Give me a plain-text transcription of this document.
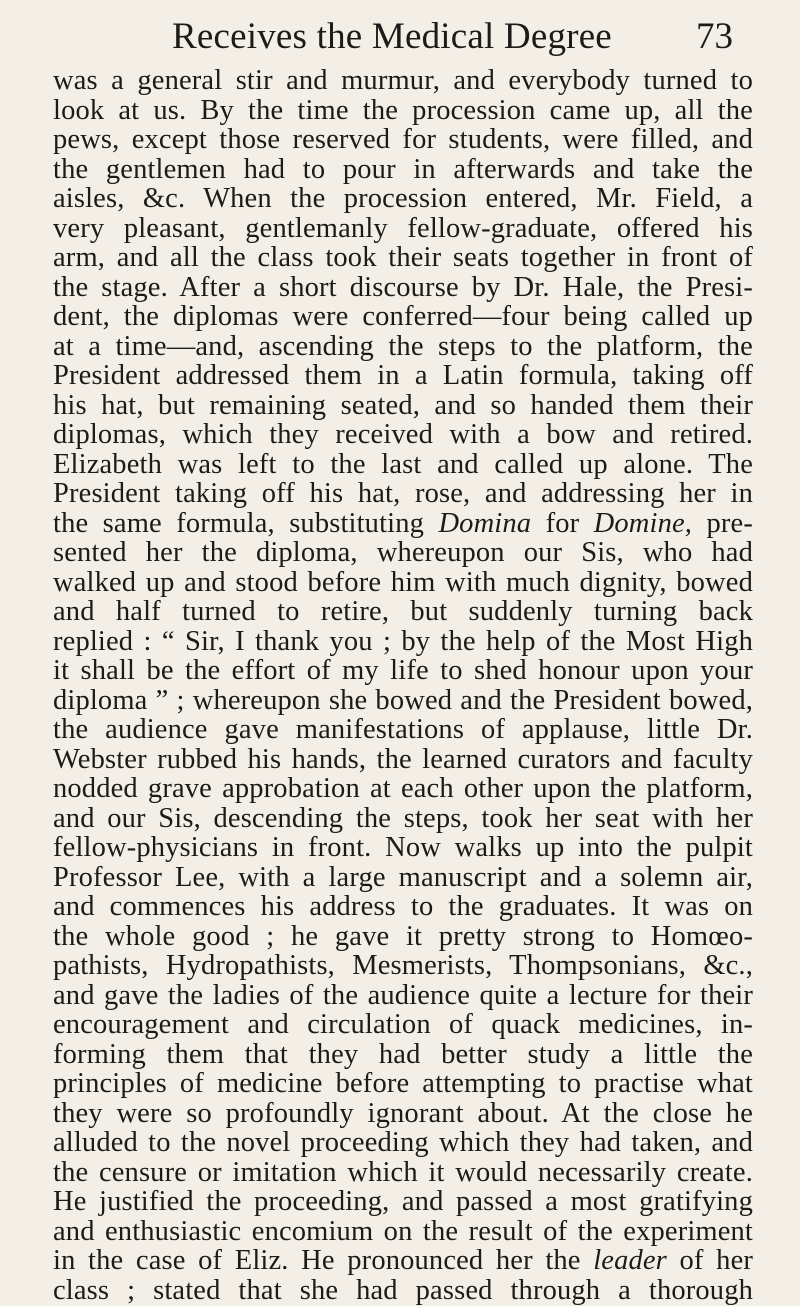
Receives the Medical Degree 73
was a general stir and murmur, and everybody turned to
look at us. By the time the procession came up, all the
pews, except those reserved for students, were filled, and
the gentlemen had to pour in afterwards and take the
aisles, &c. When the procession entered, Mr. Field, a
very pleasant, gentlemanly fellow-graduate, offered his
arm, and all the class took their seats together in front of
the stage. After a short discourse by Dr. Hale, the Presi-
dent, the diplomas were conferred—four being called up
at a time—and, ascending the steps to the platform, the
President addressed them in a Latin formula, taking off
his hat, but remaining seated, and so handed them their
diplomas, which they received with a bow and retired.
Elizabeth was left to the last and called up alone. The
President taking off his hat, rose, and addressing her in
the same formula, substituting Domina for Domine, pre-
sented her the diploma, whereupon our Sis, who had
walked up and stood before him with much dignity, bowed
and half turned to retire, but suddenly turning back
replied : “ Sir, I thank you ; by the help of the Most High
it shall be the effort of my life to shed honour upon your
diploma ” ; whereupon she bowed and the President bowed,
the audience gave manifestations of applause, little Dr.
Webster rubbed his hands, the learned curators and faculty
nodded grave approbation at each other upon the platform,
and our Sis, descending the steps, took her seat with her
fellow-physicians in front. Now walks up into the pulpit
Professor Lee, with a large manuscript and a solemn air,
and commences his address to the graduates. It was on
the whole good ; he gave it pretty strong to Homœo-
pathists, Hydropathists, Mesmerists, Thompsonians, &c.,
and gave the ladies of the audience quite a lecture for their
encouragement and circulation of quack medicines, in-
forming them that they had better study a little the
principles of medicine before attempting to practise what
they were so profoundly ignorant about. At the close he
alluded to the novel proceeding which they had taken, and
the censure or imitation which it would necessarily create.
He justified the proceeding, and passed a most gratifying
and enthusiastic encomium on the result of the experiment
in the case of Eliz. He pronounced her the leader of her
class ; stated that she had passed through a thorough
